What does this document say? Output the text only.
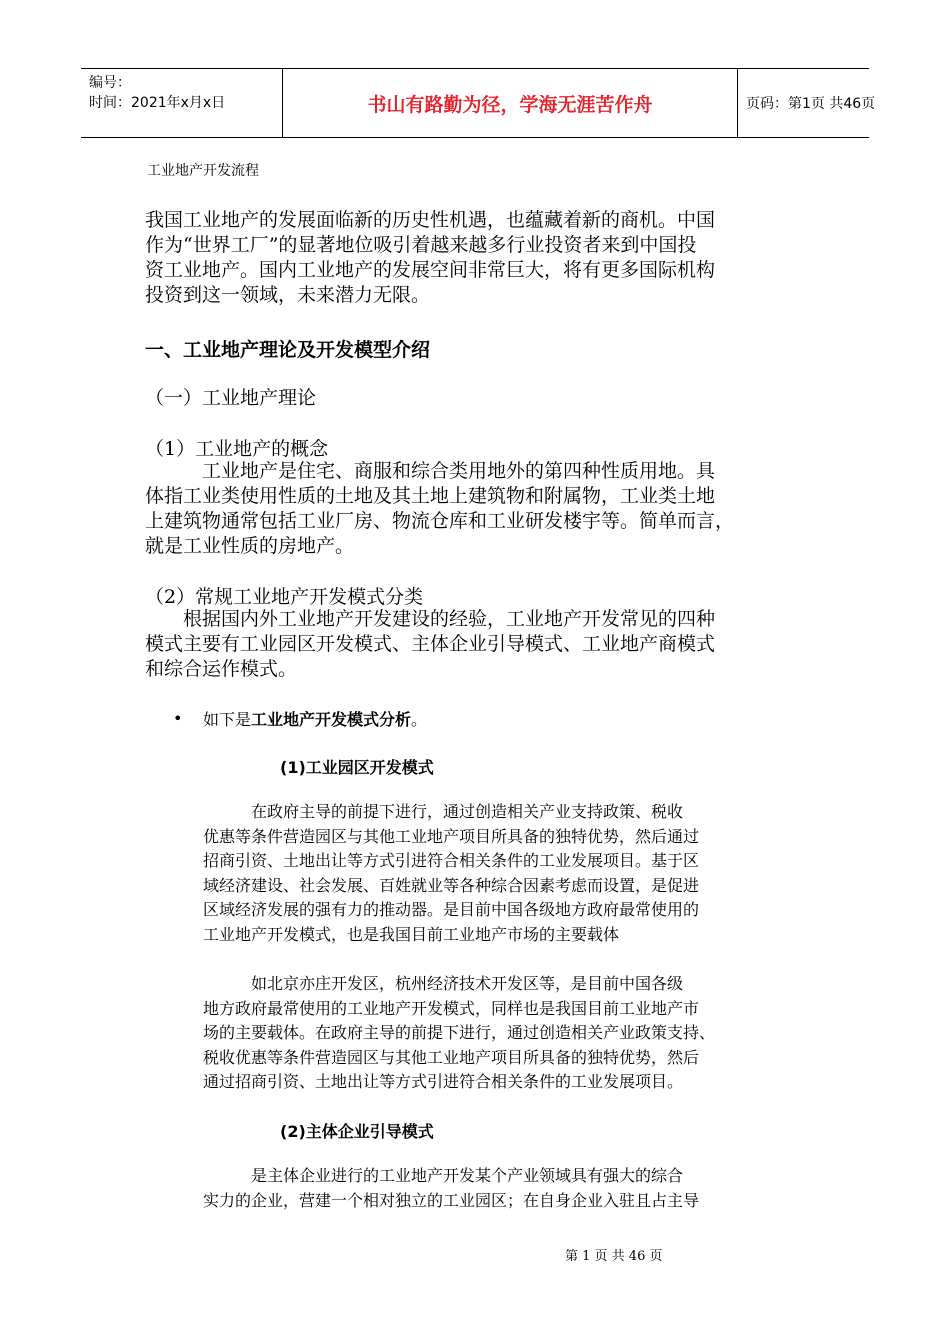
编号：
时间：2021年x月x日	书山有路勤为径，学海无涯苦作舟	页码：第1页 共46页
工业地产开发流程
我国工业地产的发展面临新的历史性机遇，也蕴藏着新的商机。中国
作为“世界工厂”的显著地位吸引着越来越多行业投资者来到中国投
资工业地产。国内工业地产的发展空间非常巨大，将有更多国际机构
投资到这一领域，未来潜力无限。
一、工业地产理论及开发模型介绍
（一）工业地产理论
（1）工业地产的概念
　　　工业地产是住宅、商服和综合类用地外的第四种性质用地。具
体指工业类使用性质的土地及其土地上建筑物和附属物，工业类土地
上建筑物通常包括工业厂房、物流仓库和工业研发楼宇等。简单而言，
就是工业性质的房地产。
（2）常规工业地产开发模式分类
　　根据国内外工业地产开发建设的经验，工业地产开发常见的四种
模式主要有工业园区开发模式、主体企业引导模式、工业地产商模式
和综合运作模式。
• 如下是工业地产开发模式分析。
(1)工业园区开发模式
　　　在政府主导的前提下进行，通过创造相关产业支持政策、税收
优惠等条件营造园区与其他工业地产项目所具备的独特优势，然后通过
招商引资、土地出让等方式引进符合相关条件的工业发展项目。基于区
域经济建设、社会发展、百姓就业等各种综合因素考虑而设置，是促进
区域经济发展的强有力的推动器。是目前中国各级地方政府最常使用的
工业地产开发模式，也是我国目前工业地产市场的主要载体
　　　如北京亦庄开发区，杭州经济技术开发区等，是目前中国各级
地方政府最常使用的工业地产开发模式，同样也是我国目前工业地产市
场的主要载体。在政府主导的前提下进行，通过创造相关产业政策支持、
税收优惠等条件营造园区与其他工业地产项目所具备的独特优势，然后
通过招商引资、土地出让等方式引进符合相关条件的工业发展项目。
(2)主体企业引导模式
　　　是主体企业进行的工业地产开发某个产业领域具有强大的综合
实力的企业，营建一个相对独立的工业园区；在自身企业入驻且占主导
第 1 页 共 46 页
